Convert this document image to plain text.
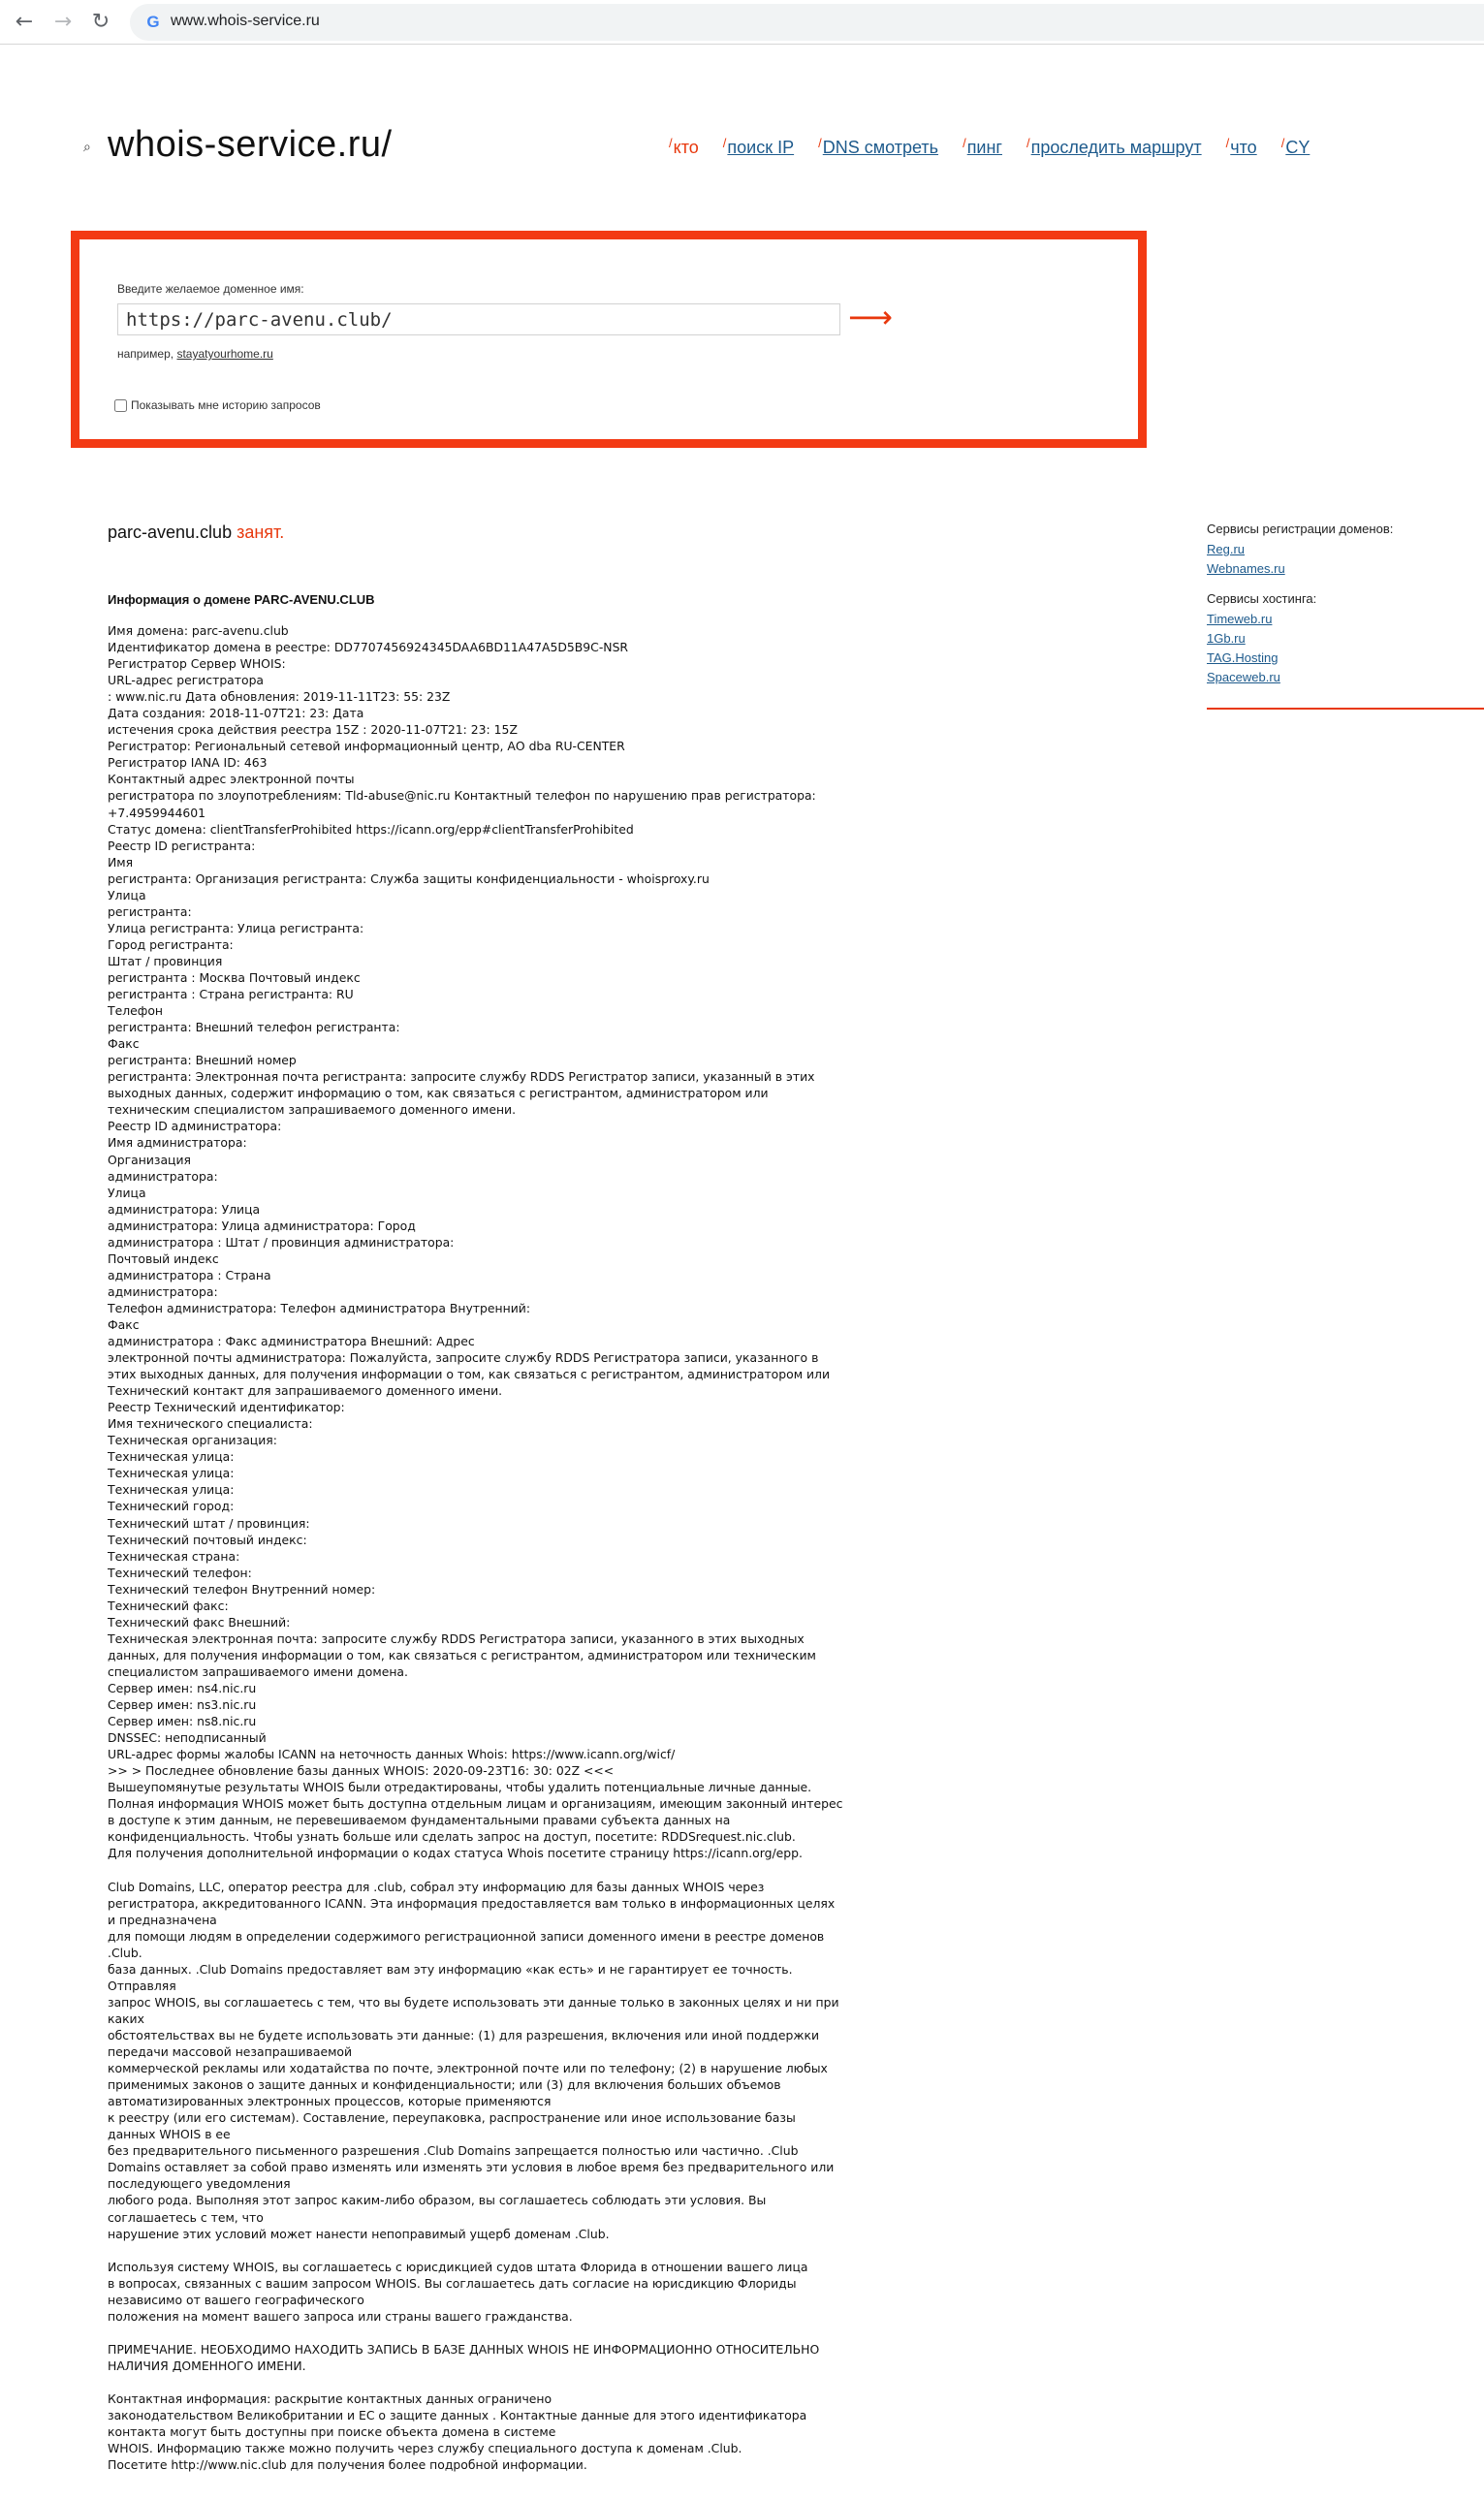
← → ↻	G www.whois-service.ru
⌕ whois-service.ru/	/кто /поиск IP /DNS смотреть /пинг /проследить маршрут /что /CY
Введите желаемое доменное имя:
https://parc-avenu.club/
⟶
например, stayatyourhome.ru
Показывать мне историю запросов
parc-avenu.club занят.
Информация о домене PARC-AVENU.CLUB

Имя домена: parc-avenu.club
Идентификатор домена в реестре: DD7707456924345DAA6BD11A47A5D5B9C-NSR
Регистратор Сервер WHOIS:
URL-адрес регистратора
: www.nic.ru Дата обновления: 2019-11-11T23: 55: 23Z
Дата создания: 2018-11-07T21: 23: Дата
истечения срока действия реестра 15Z : 2020-11-07T21: 23: 15Z
Регистратор: Региональный сетевой информационный центр, АО dba RU-CENTER
Регистратор IANA ID: 463
Контактный адрес электронной почты
регистратора по злоупотреблениям: Tld-abuse@nic.ru Контактный телефон по нарушению прав регистратора:
+7.4959944601
Статус домена: clientTransferProhibited https://icann.org/epp#clientTransferProhibited
Реестр ID регистранта:
Имя
регистранта: Организация регистранта: Служба защиты конфиденциальности - whoisproxy.ru
Улица
регистранта:
Улица регистранта: Улица регистранта:
Город регистранта:
Штат / провинция
регистранта : Москва Почтовый индекс
регистранта : Страна регистранта: RU
Телефон
регистранта: Внешний телефон регистранта:
Факс
регистранта: Внешний номер
регистранта: Электронная почта регистранта: запросите службу RDDS Регистратор записи, указанный в этих выходных данных, содержит информацию о том, как связаться с регистрантом, администратором или техническим специалистом запрашиваемого доменного имени.
Реестр ID администратора:
Имя администратора:
Организация
администратора:
Улица
администратора: Улица
администратора: Улица администратора: Город
администратора : Штат / провинция администратора:
Почтовый индекс
администратора : Страна
администратора:
Телефон администратора: Телефон администратора Внутренний:
Факс
администратора : Факс администратора Внешний: Адрес
электронной почты администратора: Пожалуйста, запросите службу RDDS Регистратора записи, указанного в этих выходных данных, для получения информации о том, как связаться с регистрантом, администратором или Технический контакт для запрашиваемого доменного имени.
Реестр Технический идентификатор:
Имя технического специалиста:
Техническая организация:
Техническая улица:
Техническая улица:
Техническая улица:
Технический город:
Технический штат / провинция:
Технический почтовый индекс:
Техническая страна:
Технический телефон:
Технический телефон Внутренний номер:
Технический факс:
Технический факс Внешний:
Техническая электронная почта: запросите службу RDDS Регистратора записи, указанного в этих выходных данных, для получения информации о том, как связаться с регистрантом, администратором или техническим специалистом запрашиваемого имени домена.
Сервер имен: ns4.nic.ru
Сервер имен: ns3.nic.ru
Сервер имен: ns8.nic.ru
DNSSEC: неподписанный
URL-адрес формы жалобы ICANN на неточность данных Whois: https://www.icann.org/wicf/
>> > Последнее обновление базы данных WHOIS: 2020-09-23T16: 30: 02Z <<<
Вышеупомянутые результаты WHOIS были отредактированы, чтобы удалить потенциальные личные данные. Полная информация WHOIS может быть доступна отдельным лицам и организациям, имеющим законный интерес в доступе к этим данным, не перевешиваемом фундаментальными правами субъекта данных на конфиденциальность. Чтобы узнать больше или сделать запрос на доступ, посетите: RDDSrequest.nic.club.
Для получения дополнительной информации о кодах статуса Whois посетите страницу https://icann.org/epp.

Club Domains, LLC, оператор реестра для .club, собрал эту информацию для базы данных WHOIS через регистратора, аккредитованного ICANN. Эта информация предоставляется вам только в информационных целях и предназначена
для помощи людям в определении содержимого регистрационной записи доменного имени в реестре доменов .Club.
база данных. .Club Domains предоставляет вам эту информацию «как есть» и не гарантирует ее точность. Отправляя
запрос WHOIS, вы соглашаетесь с тем, что вы будете использовать эти данные только в законных целях и ни при каких
обстоятельствах вы не будете использовать эти данные: (1) для разрешения, включения или иной поддержки передачи массовой незапрашиваемой
коммерческой рекламы или ходатайства по почте, электронной почте или по телефону; (2) в нарушение любых применимых законов о защите данных и конфиденциальности; или (3) для включения больших объемов автоматизированных электронных процессов, которые применяются
к реестру (или его системам). Составление, переупаковка, распространение или иное использование базы данных WHOIS в ее
без предварительного письменного разрешения .Club Domains запрещается полностью или частично. .Club Domains оставляет за собой право изменять или изменять эти условия в любое время без предварительного или последующего уведомления
любого рода. Выполняя этот запрос каким-либо образом, вы соглашаетесь соблюдать эти условия. Вы соглашаетесь с тем, что
нарушение этих условий может нанести непоправимый ущерб доменам .Club.

Используя систему WHOIS, вы соглашаетесь с юрисдикцией судов штата Флорида в отношении вашего лица
в вопросах, связанных с вашим запросом WHOIS. Вы соглашаетесь дать согласие на юрисдикцию Флориды независимо от вашего географического
положения на момент вашего запроса или страны вашего гражданства.

ПРИМЕЧАНИЕ. НЕОБХОДИМО НАХОДИТЬ ЗАПИСЬ В БАЗЕ ДАННЫХ WHOIS НЕ ИНФОРМАЦИОННО ОТНОСИТЕЛЬНО НАЛИЧИЯ ДОМЕННОГО ИМЕНИ.

Контактная информация: раскрытие контактных данных ограничено
законодательством Великобритании и ЕС о защите данных . Контактные данные для этого идентификатора контакта могут быть доступны при поиске объекта домена в системе
WHOIS. Информацию также можно получить через службу специального доступа к доменам .Club.
Посетите http://www.nic.club для получения более подробной информации.

Сервисы регистрации доменов:
Reg.ru
Webnames.ru
Сервисы хостинга:
Timeweb.ru
1Gb.ru
TAG.Hosting
Spaceweb.ru
